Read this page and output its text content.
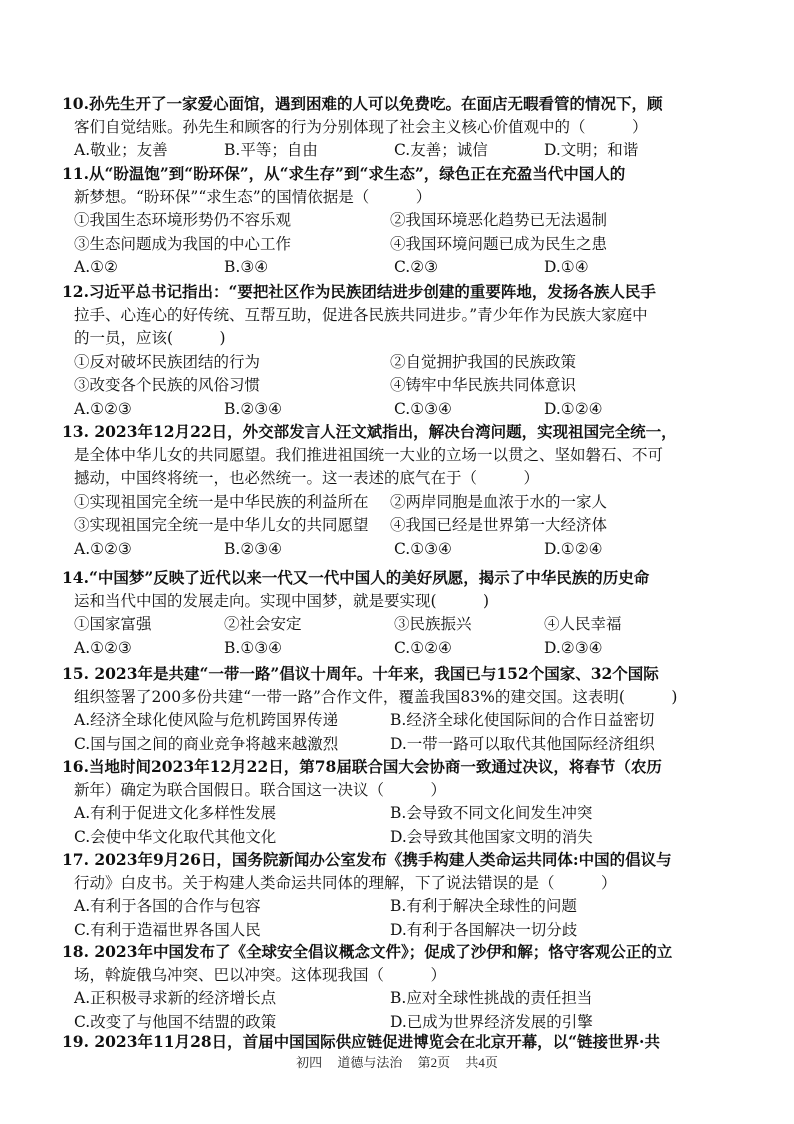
10.孙先生开了一家爱心面馆，遇到困难的人可以免费吃。在面店无暇看管的情况下，顾
客们自觉结账。孙先生和顾客的行为分别体现了社会主义核心价值观中的（　　　）
A.敬业；友善	B.平等；自由	C.友善；诚信	D.文明；和谐
11.从“盼温饱”到“盼环保”，从“求生存”到“求生态”，绿色正在充盈当代中国人的
新梦想。“盼环保”“求生态”的国情依据是（　　　）
①我国生态环境形势仍不容乐观	②我国环境恶化趋势已无法遏制
③生态问题成为我国的中心工作	④我国环境问题已成为民生之患
A.①②	B.③④	C.②③	D.①④
12.习近平总书记指出：“要把社区作为民族团结进步创建的重要阵地，发扬各族人民手
拉手、心连心的好传统、互帮互助，促进各民族共同进步。”青少年作为民族大家庭中
的一员，应该(　　　)
①反对破坏民族团结的行为	②自觉拥护我国的民族政策
③改变各个民族的风俗习惯	④铸牢中华民族共同体意识
A.①②③	B.②③④	C.①③④	D.①②④
13. 2023年12月22日，外交部发言人汪文斌指出，解决台湾问题，实现祖国完全统一，
是全体中华儿女的共同愿望。我们推进祖国统一大业的立场一以贯之、坚如磐石、不可
撼动，中国终将统一，也必然统一。这一表述的底气在于（　　　）
①实现祖国完全统一是中华民族的利益所在 ②两岸同胞是血浓于水的一家人
③实现祖国完全统一是中华儿女的共同愿望 ④我国已经是世界第一大经济体
A.①②③	B.②③④	C.①③④	D.①②④
14.“中国梦”反映了近代以来一代又一代中国人的美好夙愿，揭示了中华民族的历史命
运和当代中国的发展走向。实现中国梦，就是要实现(　　　)
①国家富强	②社会安定	③民族振兴	④人民幸福
A.①②③	B.①③④	C.①②④	D.②③④
15. 2023年是共建“一带一路”倡议十周年。十年来，我国已与152个国家、32个国际
组织签署了200多份共建“一带一路”合作文件，覆盖我国83%的建交国。这表明(　　　)
A.经济全球化使风险与危机跨国界传递	B.经济全球化使国际间的合作日益密切
C.国与国之间的商业竞争将越来越激烈	D.一带一路可以取代其他国际经济组织
16.当地时间2023年12月22日，第78届联合国大会协商一致通过决议，将春节（农历
新年）确定为联合国假日。联合国这一决议（　　　）
A.有利于促进文化多样性发展	B.会导致不同文化间发生冲突
C.会使中华文化取代其他文化	D.会导致其他国家文明的消失
17. 2023年9月26日，国务院新闻办公室发布《携手构建人类命运共同体:中国的倡议与
行动》白皮书。关于构建人类命运共同体的理解，下了说法错误的是（　　　）
A.有利于各国的合作与包容	B.有利于解决全球性的问题
C.有利于造福世界各国人民	D.有利于各国解决一切分歧
18. 2023年中国发布了《全球安全倡议概念文件》；促成了沙伊和解；恪守客观公正的立
场，斡旋俄乌冲突、巴以冲突。这体现我国（　　　）
A.正积极寻求新的经济增长点	B.应对全球性挑战的责任担当
C.改变了与他国不结盟的政策	D.已成为世界经济发展的引擎
19. 2023年11月28日，首届中国国际供应链促进博览会在北京开幕，以“链接世界·共
初四 道德与法治 第2页 共4页
